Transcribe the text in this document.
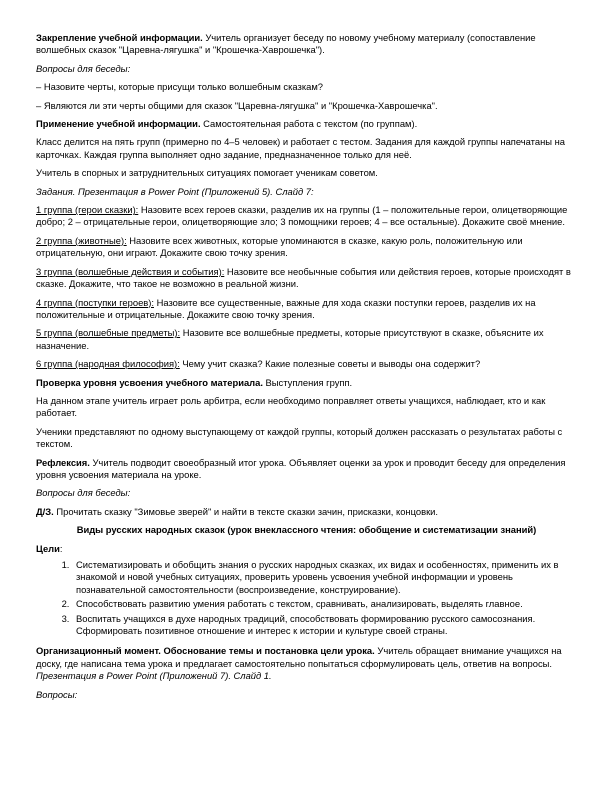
Закрепление учебной информации. Учитель организует беседу по новому учебному материалу (сопоставление волшебных сказок "Царевна-лягушка" и "Крошечка-Хаврошечка").

Вопросы для беседы:

– Назовите черты, которые присущи только волшебным сказкам?

– Являются ли эти черты общими для сказок "Царевна-лягушка" и "Крошечка-Хаврошечка".

Применение учебной информации. Самостоятельная работа с текстом (по группам).

Класс делится на пять групп (примерно по 4–5 человек) и работает с тестом. Задания для каждой группы напечатаны на карточках. Каждая группа выполняет одно задание, предназначенное только для неё.

Учитель в спорных и затруднительных ситуациях помогает ученикам советом.

Задания. Презентация в Power Point (Приложений 5). Слайд 7:

1 группа (герои сказки): Назовите всех героев сказки, разделив их на группы (1 – положительные герои, олицетворяющие добро; 2 – отрицательные герои, олицетворяющие зло; 3 помощники героев; 4 – все остальные). Докажите своё мнение.

2 группа (животные): Назовите всех животных, которые упоминаются в сказке, какую роль, положительную или отрицательную, они играют. Докажите свою точку зрения.

3 группа (волшебные действия и события): Назовите все необычные события или действия героев, которые происходят в сказке. Докажите, что такое не возможно в реальной жизни.

4 группа (поступки героев): Назовите все существенные, важные для хода сказки поступки героев, разделив их на положительные и отрицательные. Докажите свою точку зрения.

5 группа (волшебные предметы): Назовите все волшебные предметы, которые присутствуют в сказке, объясните их назначение.

6 группа (народная философия): Чему учит сказка? Какие полезные советы и выводы она содержит?

Проверка уровня усвоения учебного материала. Выступления групп.

На данном этапе учитель играет роль арбитра, если необходимо поправляет ответы учащихся, наблюдает, кто и как работает.

Ученики представляют по одному выступающему от каждой группы, который должен рассказать о результатах работы с текстом.

Рефлексия. Учитель подводит своеобразный итог урока. Объявляет оценки за урок и проводит беседу для определения уровня усвоения материала на уроке.

Вопросы для беседы:

Д/З. Прочитать сказку "Зимовье зверей" и найти в тексте сказки зачин, присказки, концовки.

Виды русских народных сказок (урок внеклассного чтения: обобщение и систематизации знаний)

Цели:

1. Систематизировать и обобщить знания о русских народных сказках, их видах и особенностях, применить их в знакомой и новой учебных ситуациях, проверить уровень усвоения учебной информации и уровень познавательной самостоятельности (воспроизведение, конструирование).
2. Способствовать развитию умения работать с текстом, сравнивать, анализировать, выделять главное.
3. Воспитать учащихся в духе народных традиций, способствовать формированию русского самосознания. Сформировать позитивное отношение и интерес к истории и культуре своей страны.

Организационный момент. Обоснование темы и постановка цели урока. Учитель обращает внимание учащихся на доску, где написана тема урока и предлагает самостоятельно попытаться сформулировать цель, ответив на вопросы. Презентация в Power Point (Приложений 7). Слайд 1.

Вопросы:
